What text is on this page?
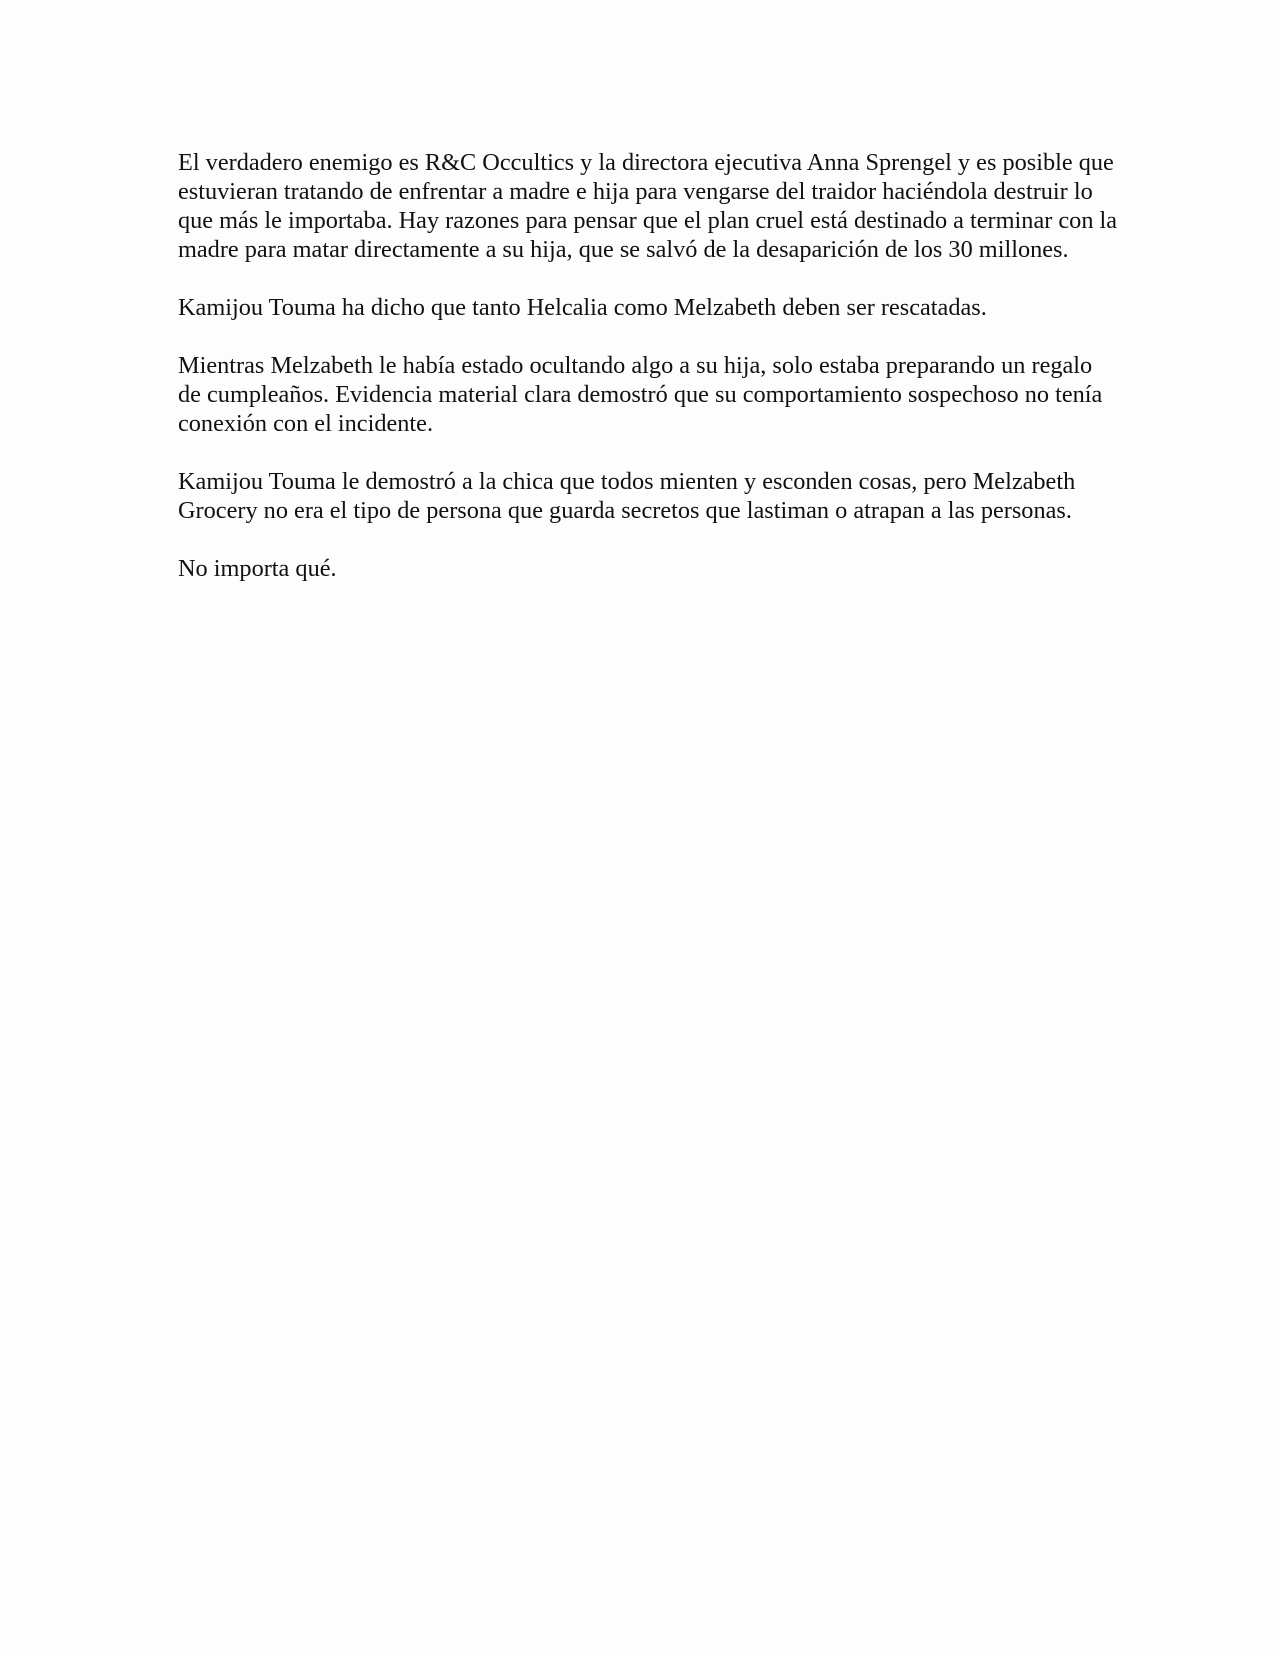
El verdadero enemigo es R&C Occultics y la directora ejecutiva Anna Sprengel y es posible que estuvieran tratando de enfrentar a madre e hija para vengarse del traidor haciéndola destruir lo que más le importaba. Hay razones para pensar que el plan cruel está destinado a terminar con la madre para matar directamente a su hija, que se salvó de la desaparición de los 30 millones.

Kamijou Touma ha dicho que tanto Helcalia como Melzabeth deben ser rescatadas.

Mientras Melzabeth le había estado ocultando algo a su hija, solo estaba preparando un regalo de cumpleaños. Evidencia material clara demostró que su comportamiento sospechoso no tenía conexión con el incidente.

Kamijou Touma le demostró a la chica que todos mienten y esconden cosas, pero Melzabeth Grocery no era el tipo de persona que guarda secretos que lastiman o atrapan a las personas.

No importa qué.
